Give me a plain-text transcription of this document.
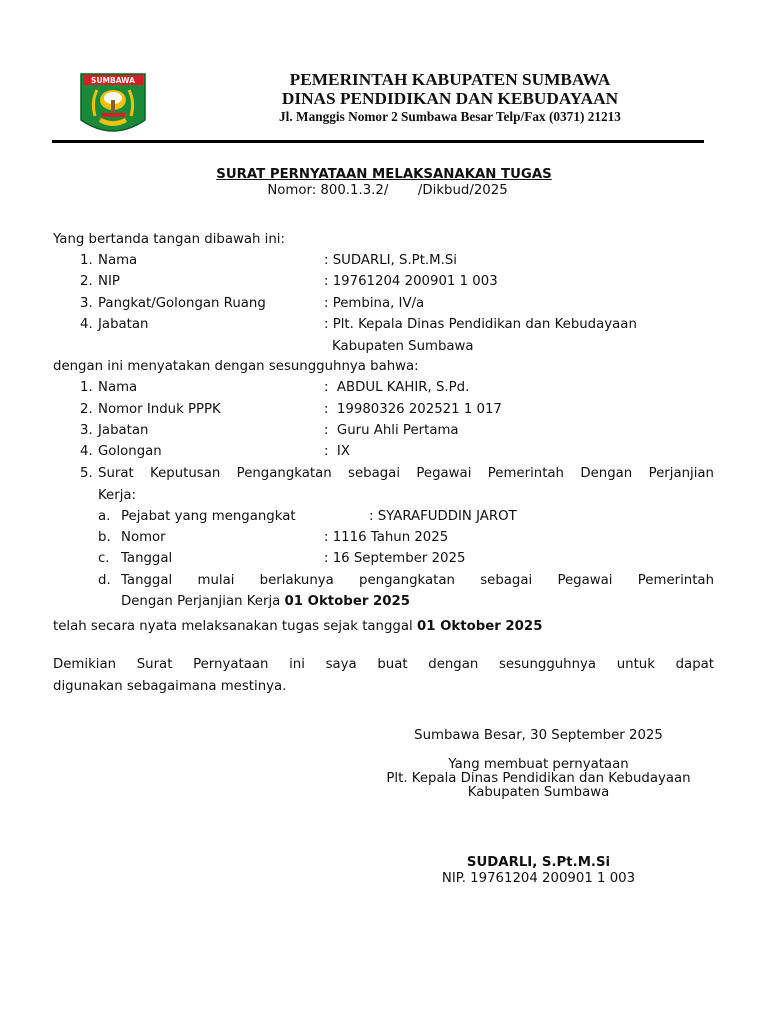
SUMBAWA	PEMERINTAH KABUPATEN SUMBAWA
DINAS PENDIDIKAN DAN KEBUDAYAAN
Jl. Manggis Nomor 2 Sumbawa Besar Telp/Fax (0371) 21213
SURAT PERNYATAAN MELAKSANAKAN TUGAS
Nomor: 800.1.3.2/       /Dikbud/2025
Yang bertanda tangan dibawah ini:
1. Nama	: SUDARLI, S.Pt.M.Si
2. NIP	: 19761204 200901 1 003
3. Pangkat/Golongan Ruang	: Pembina, IV/a
4. Jabatan	: Plt. Kepala Dinas Pendidikan dan Kebudayaan
Kabupaten Sumbawa
dengan ini menyatakan dengan sesungguhnya bahwa:
1. Nama	:  ABDUL KAHIR, S.Pd.
2. Nomor Induk PPPK	:  19980326 202521 1 017
3. Jabatan	:  Guru Ahli Pertama
4. Golongan	:  IX
5. Surat Keputusan Pengangkatan sebagai Pegawai Pemerintah Dengan Perjanjian
Kerja:
a. Pejabat yang mengangkat	: SYARAFUDDIN JAROT
b. Nomor	: 1116 Tahun 2025
c. Tanggal	: 16 September 2025
d. Tanggal mulai berlakunya pengangkatan sebagai Pegawai Pemerintah
Dengan Perjanjian Kerja 01 Oktober 2025
telah secara nyata melaksanakan tugas sejak tanggal 01 Oktober 2025
Demikian Surat Pernyataan ini saya buat dengan sesungguhnya untuk dapat
digunakan sebagaimana mestinya.
Sumbawa Besar, 30 September 2025
Yang membuat pernyataan
Plt. Kepala Dinas Pendidikan dan Kebudayaan
Kabupaten Sumbawa
SUDARLI, S.Pt.M.Si
NIP. 19761204 200901 1 003
